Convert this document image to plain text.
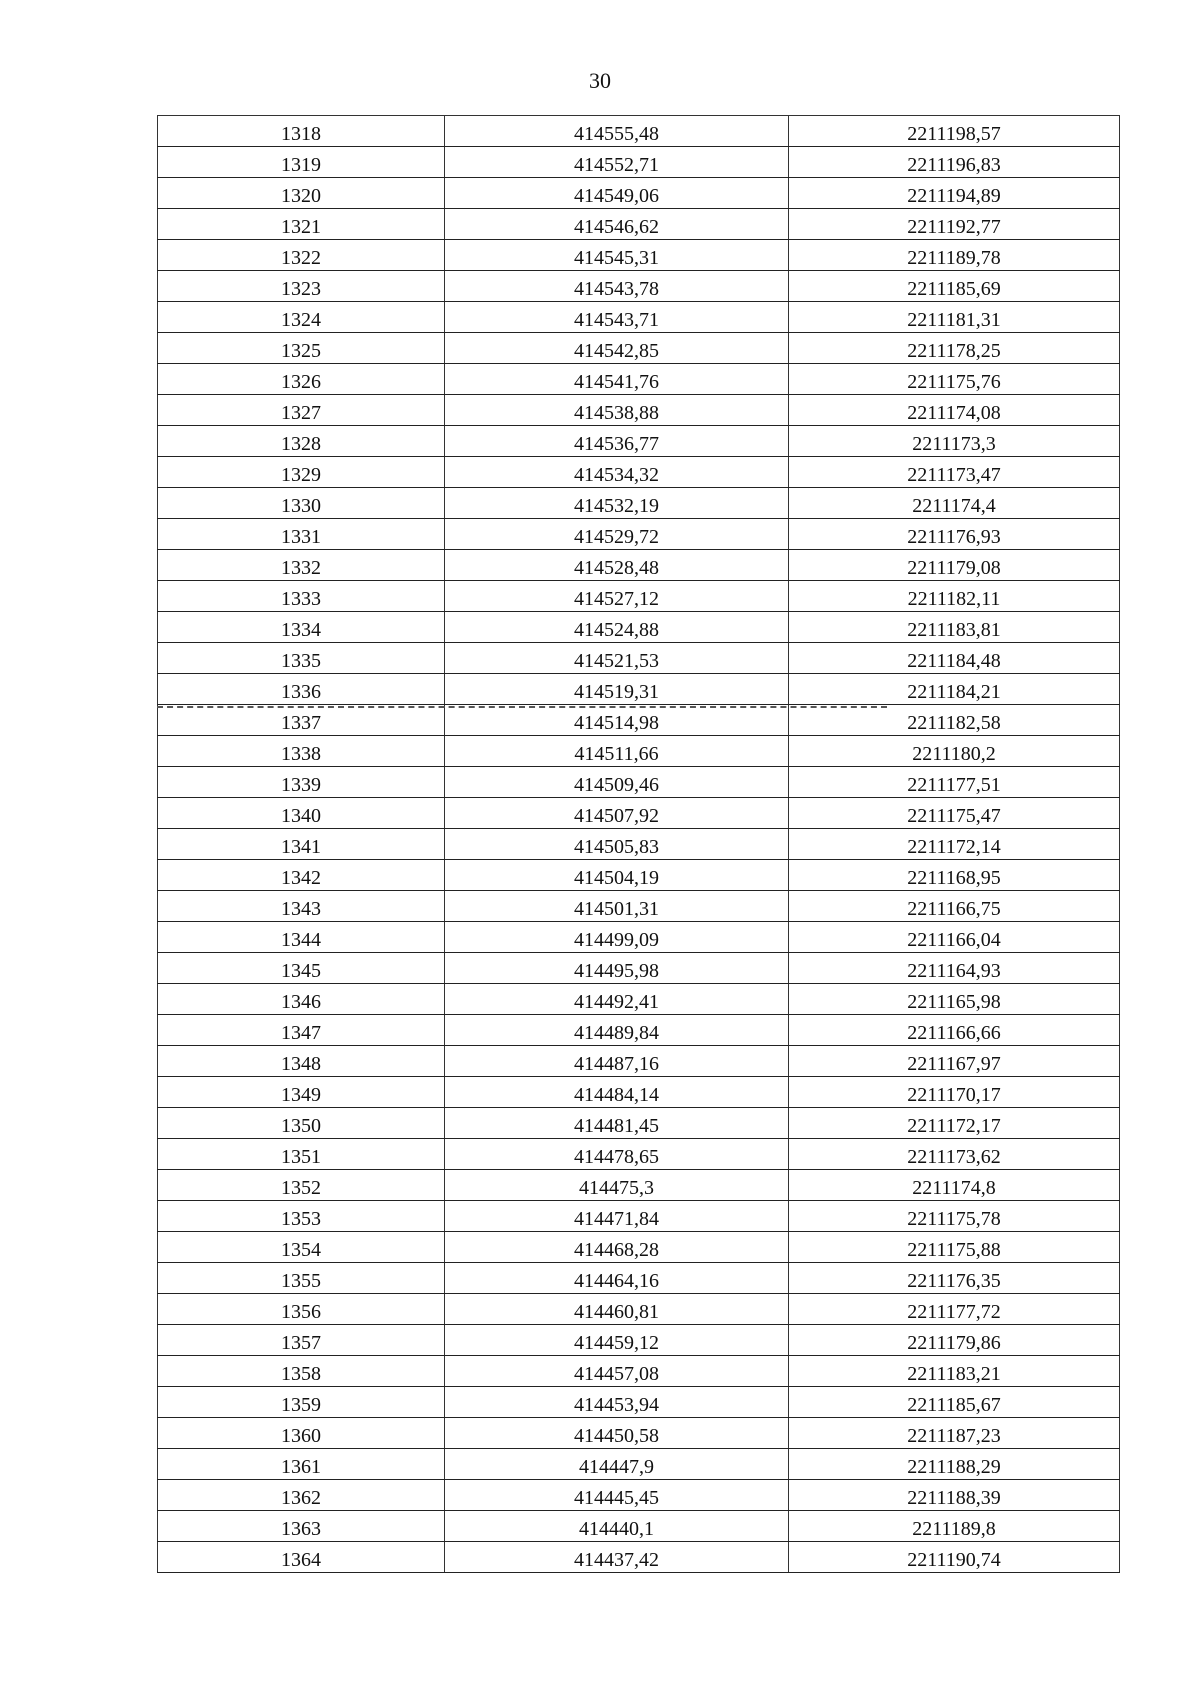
30
1318	414555,48	2211198,57
1319	414552,71	2211196,83
1320	414549,06	2211194,89
1321	414546,62	2211192,77
1322	414545,31	2211189,78
1323	414543,78	2211185,69
1324	414543,71	2211181,31
1325	414542,85	2211178,25
1326	414541,76	2211175,76
1327	414538,88	2211174,08
1328	414536,77	2211173,3
1329	414534,32	2211173,47
1330	414532,19	2211174,4
1331	414529,72	2211176,93
1332	414528,48	2211179,08
1333	414527,12	2211182,11
1334	414524,88	2211183,81
1335	414521,53	2211184,48
1336	414519,31	2211184,21
1337	414514,98	2211182,58
1338	414511,66	2211180,2
1339	414509,46	2211177,51
1340	414507,92	2211175,47
1341	414505,83	2211172,14
1342	414504,19	2211168,95
1343	414501,31	2211166,75
1344	414499,09	2211166,04
1345	414495,98	2211164,93
1346	414492,41	2211165,98
1347	414489,84	2211166,66
1348	414487,16	2211167,97
1349	414484,14	2211170,17
1350	414481,45	2211172,17
1351	414478,65	2211173,62
1352	414475,3	2211174,8
1353	414471,84	2211175,78
1354	414468,28	2211175,88
1355	414464,16	2211176,35
1356	414460,81	2211177,72
1357	414459,12	2211179,86
1358	414457,08	2211183,21
1359	414453,94	2211185,67
1360	414450,58	2211187,23
1361	414447,9	2211188,29
1362	414445,45	2211188,39
1363	414440,1	2211189,8
1364	414437,42	2211190,74
